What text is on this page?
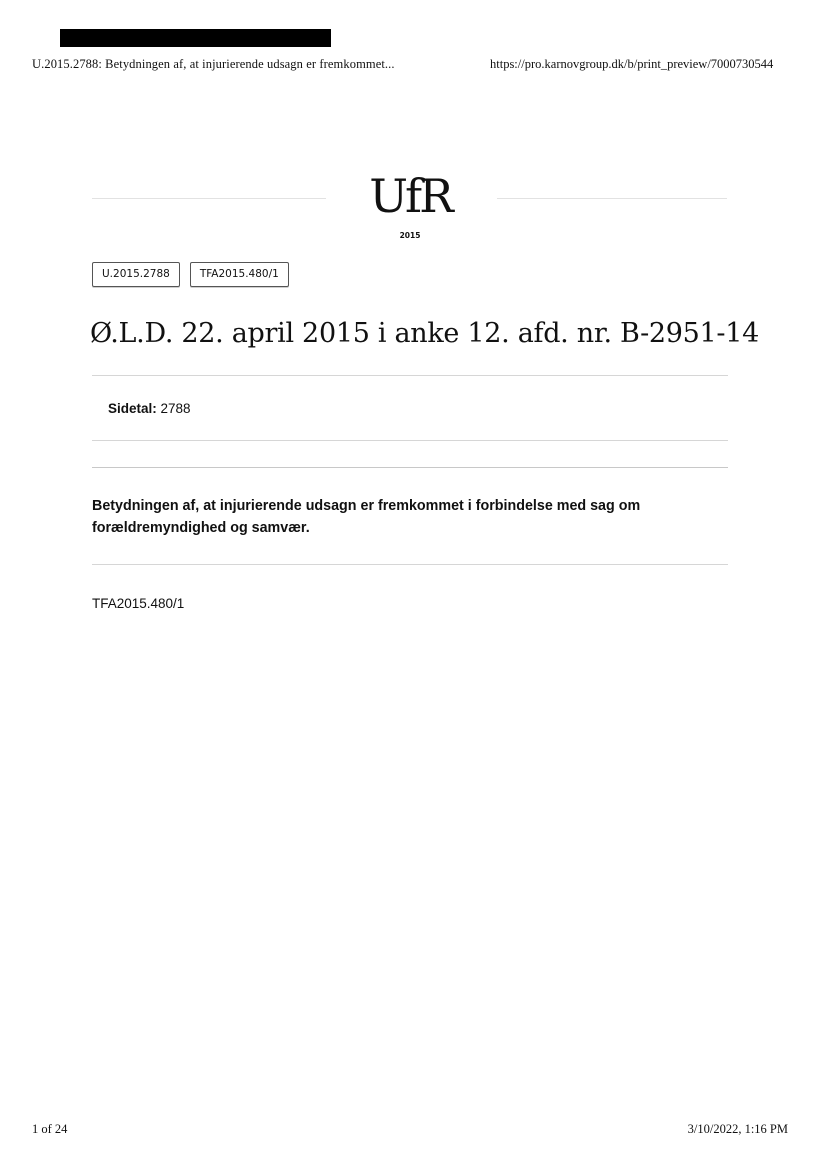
U.2015.2788: Betydningen af, at injurierende udsagn er fremkommet...	https://pro.karnovgroup.dk/b/print_preview/7000730544
UfR
2015
U.2015.2788	TFA2015.480/1
Ø.L.D. 22. april 2015 i anke 12. afd. nr. B-2951-14
Sidetal: 2788

Betydningen af, at injurierende udsagn er fremkommet i forbindelse med sag om forældremyndighed og samvær.

TFA2015.480/1
1 of 24	3/10/2022, 1:16 PM
